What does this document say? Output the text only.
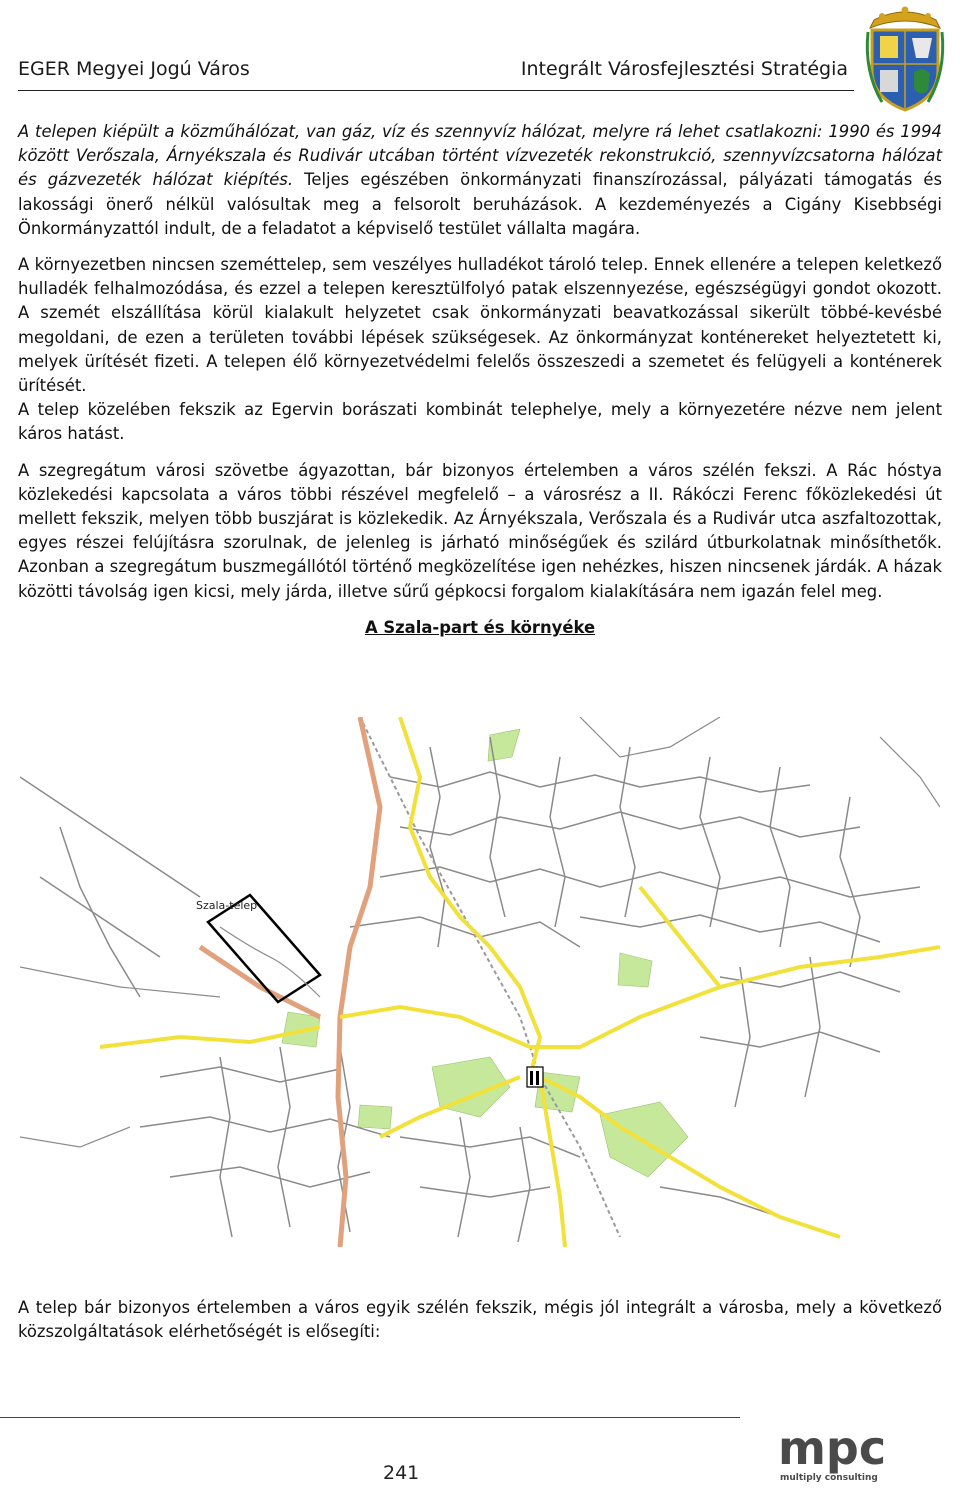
EGER Megyei Jogú Város	Integrált Városfejlesztési Stratégia

A telepen kiépült a közműhálózat, van gáz, víz és szennyvíz hálózat, melyre rá lehet csatlakozni: 1990 és 1994 között Verőszala, Árnyékszala és Rudivár utcában történt vízvezeték rekonstrukció, szennyvízcsatorna hálózat és gázvezeték hálózat kiépítés. Teljes egészében önkormányzati finanszírozással, pályázati támogatás és lakossági önerő nélkül valósultak meg a felsorolt beruházások. A kezdeményezés a Cigány Kisebbségi Önkormányzattól indult, de a feladatot a képviselő testület vállalta magára.

A környezetben nincsen szeméttelep, sem veszélyes hulladékot tároló telep. Ennek ellenére a telepen keletkező hulladék felhalmozódása, és ezzel a telepen keresztülfolyó patak elszennyezése, egészségügyi gondot okozott. A szemét elszállítása körül kialakult helyzetet csak önkormányzati beavatkozással sikerült többé-kevésbé megoldani, de ezen a területen további lépések szükségesek. Az önkormányzat konténereket helyeztetett ki, melyek ürítését fizeti. A telepen élő környezetvédelmi felelős összeszedi a szemetet és felügyeli a konténerek ürítését.

A telep közelében fekszik az Egervin borászati kombinát telephelye, mely a környezetére nézve nem jelent káros hatást.

A szegregátum városi szövetbe ágyazottan, bár bizonyos értelemben a város szélén fekszi. A Rác hóstya közlekedési kapcsolata a város többi részével megfelelő – a városrész a II. Rákóczi Ferenc főközlekedési út mellett fekszik, melyen több buszjárat is közlekedik. Az Árnyékszala, Verőszala és a Rudivár utca aszfaltozottak, egyes részei felújításra szorulnak, de jelenleg is járható minőségűek és szilárd útburkolatnak minősíthetők. Azonban a szegregátum buszmegállótól történő megközelítése igen nehézkes, hiszen nincsenek járdák. A házak közötti távolság igen kicsi, mely járda, illetve sűrű gépkocsi forgalom kialakítására nem igazán felel meg.

A Szala-part és környéke
Szala-telep
A telep bár bizonyos értelemben a város egyik szélén fekszik, mégis jól integrált a városba, mely a következő közszolgáltatások elérhetőségét is elősegíti:
241	mpc
multiply consulting
